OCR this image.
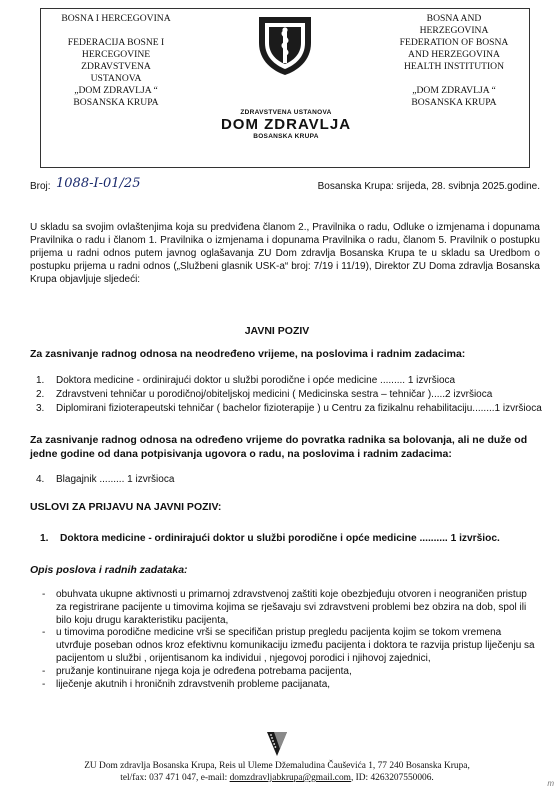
BOSNA I HERCEGOVINA

FEDERACIJA BOSNE I
HERCEGOVINE
ZDRAVSTVENA
USTANOVA
„DOM ZDRAVLJA “
BOSANSKA KRUPA
ZDRAVSTVENA USTANOVA
DOM ZDRAVLJA
BOSANSKA KRUPA
BOSNA AND
HERZEGOVINA
FEDERATION OF BOSNA
AND HERZEGOVINA
HEALTH INSTITUTION

„DOM ZDRAVLJA “
BOSANSKA KRUPA
Broj: 1088-I-01/25	Bosanska Krupa: srijeda, 28. svibnja 2025.godine.
U skladu sa svojim ovlaštenjima koja su predviđena članom 2., Pravilnika o radu, Odluke o izmjenama i dopunama Pravilnika o radu i članom 1. Pravilnika o izmjenama i dopunama Pravilnika o radu, članom 5. Pravilnik o postupku prijema u radni odnos putem javnog oglašavanja ZU Dom zdravlja Bosanska Krupa te u skladu sa Uredbom o postupku prijema u radni odnos („Službeni glasnik USK-a“ broj: 7/19 i 11/19), Direktor ZU Doma zdravlja Bosanska Krupa objavljuje sljedeći:
JAVNI POZIV
Za zasnivanje radnog odnosa na neodređeno vrijeme, na poslovima i radnim zadacima:
1. Doktora medicine - ordinirajući doktor u službi porodične i opće medicine ......... 1 izvršioca
2. Zdravstveni tehničar u porodičnoj/obiteljskoj medicini ( Medicinska sestra – tehničar ).....2 izvršioca
3. Diplomirani fizioterapeutski tehničar ( bachelor fizioterapije ) u Centru za fizikalnu rehabilitaciju........1 izvršioca
Za zasnivanje radnog odnosa na određeno vrijeme do povratka radnika sa bolovanja, ali ne duže od jedne godine od dana potpisivanja ugovora o radu, na poslovima i radnim zadacima:
4. Blagajnik ......... 1 izvršioca
USLOVI ZA PRIJAVU NA JAVNI POZIV:
1. Doktora medicine - ordinirajući doktor u službi porodične i opće medicine .......... 1 izvršioc.
Opis poslova i radnih zadataka:
- obuhvata ukupne aktivnosti u primarnoj zdravstvenoj zaštiti koje obezbjeđuju otvoren i neograničen pristup za registrirane pacijente u timovima kojima se rješavaju svi zdravstveni problemi bez obzira na dob, spol ili bilo koju drugu karakteristiku pacijenta,
- u timovima porodične medicine vrši se specifičan pristup pregledu pacijenta kojim se tokom vremena utvrđuje poseban odnos kroz efektivnu komunikaciju između pacijenta i doktora te razvija pristup liječenju sa pacijentom u službi , orijentisanom ka individui , njegovoj porodici i njihovoj zajednici,
- pružanje kontinuirane njega koja je određena potrebama pacijenta,
- liječenje akutnih i hroničnih zdravstvenih probleme pacijanata,
ZU Dom zdravlja Bosanska Krupa, Reis ul Uleme Džemaludina Čauševića 1, 77 240 Bosanska Krupa,
tel/fax: 037 471 047, e-mail: domzdravljabkrupa@gmail.com, ID: 4263207550006.
m
